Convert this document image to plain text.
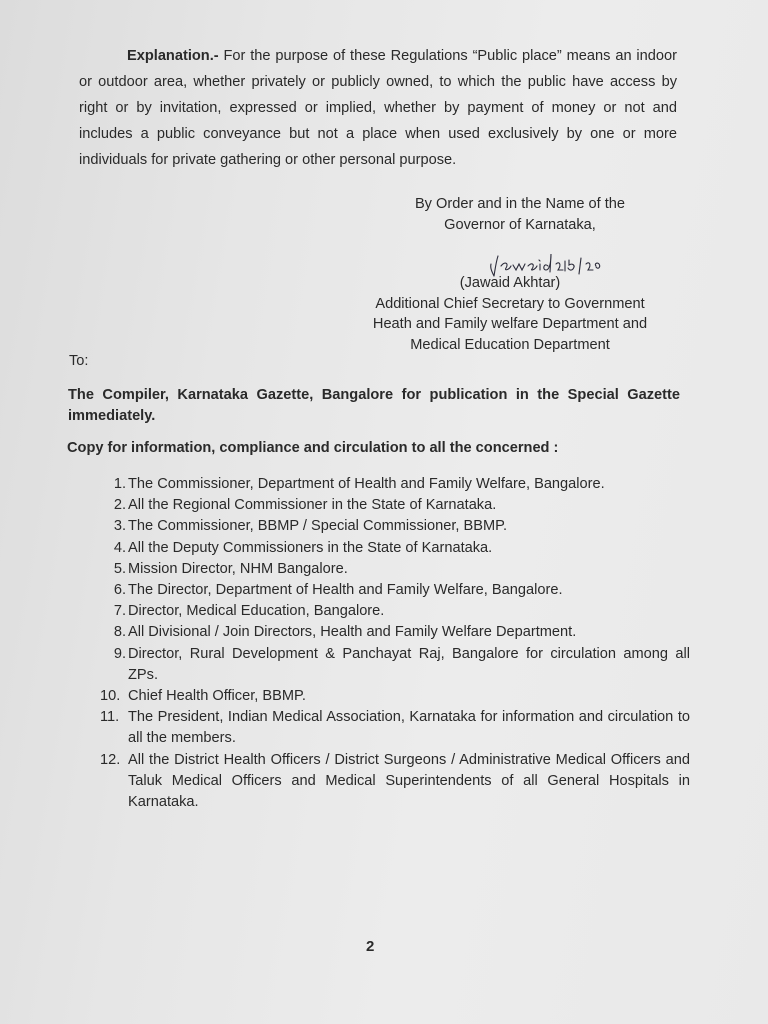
Explanation.- For the purpose of these Regulations “Public place” means an indoor or outdoor area, whether privately or publicly owned, to which the public have access by right or by invitation, expressed or implied, whether by payment of money or not and includes a public conveyance but not a place when used exclusively by one or more individuals for private gathering or other personal purpose.

By Order and in the Name of the
Governor of Karnataka,
(Jawaid Akhtar)
Additional Chief Secretary to Government
Heath and Family welfare Department and
Medical Education Department
To:
The Compiler, Karnataka Gazette, Bangalore for publication in the Special Gazette immediately.
Copy for information, compliance and circulation to all the concerned :
1. The Commissioner, Department of Health and Family Welfare, Bangalore.
2. All the Regional Commissioner in the State of Karnataka.
3. The Commissioner, BBMP / Special Commissioner, BBMP.
4. All the Deputy Commissioners in the State of Karnataka.
5. Mission Director, NHM Bangalore.
6. The Director, Department of Health and Family Welfare, Bangalore.
7. Director, Medical Education, Bangalore.
8. All Divisional / Join Directors, Health and Family Welfare Department.
9. Director, Rural Development & Panchayat Raj, Bangalore for circulation among all ZPs.
10. Chief Health Officer, BBMP.
11. The President, Indian Medical Association, Karnataka for information and circulation to all the members.
12. All the District Health Officers / District Surgeons / Administrative Medical Officers and Taluk Medical Officers and Medical Superintendents of all General Hospitals in Karnataka.
2
